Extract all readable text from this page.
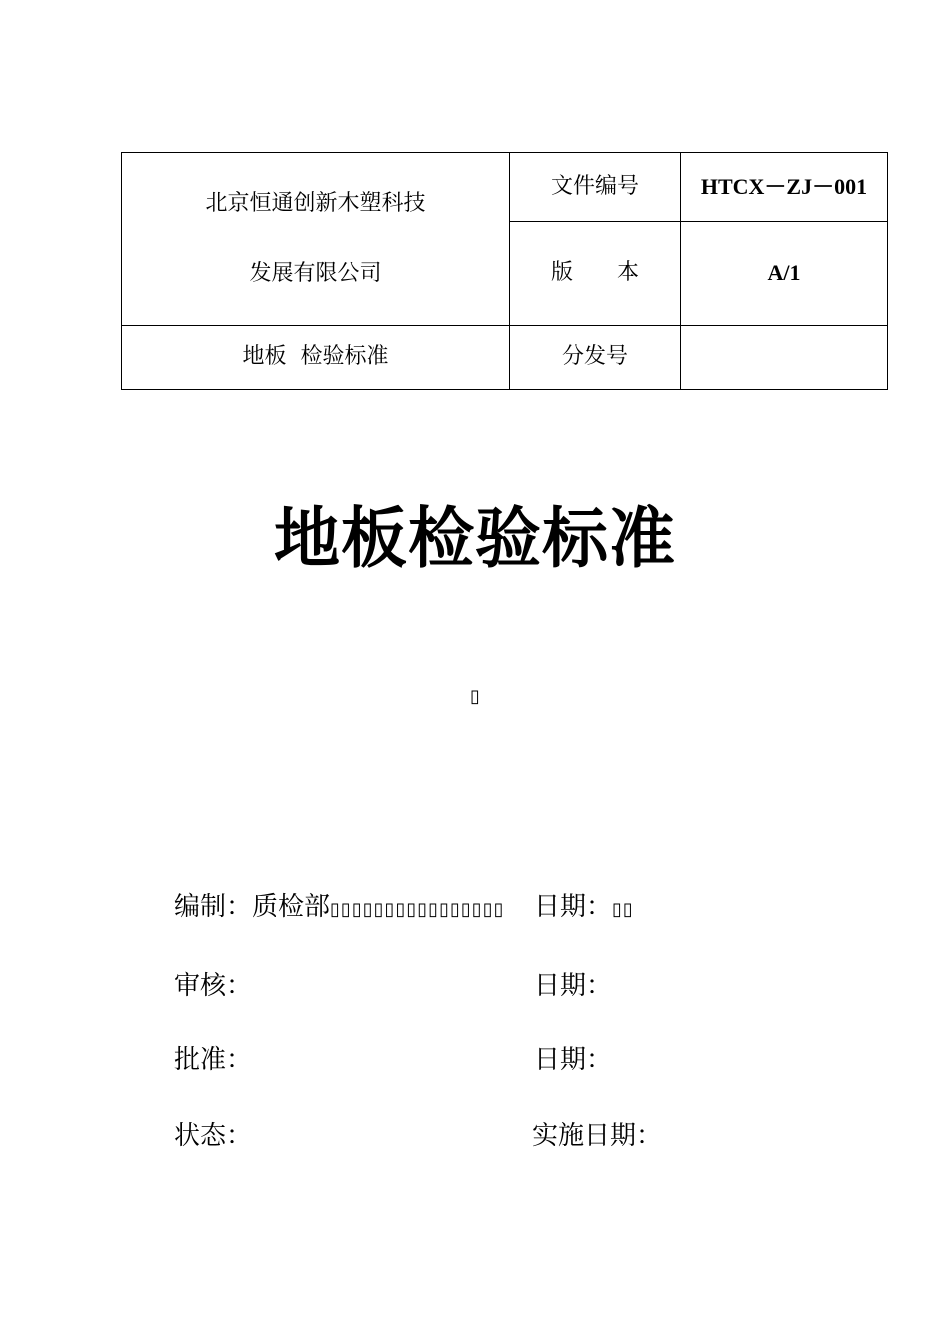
北京恒通创新木塑科技
发展有限公司	文件编号	HTCX－ZJ－001
	版 本	A/1
地板  检验标准	分发号	
地板检验标准
▯
编制：质检部▯▯▯▯▯▯▯▯▯▯▯▯▯▯▯▯ 日期：▯▯
审核：	日期：
批准：	日期：
状态：	实施日期：
